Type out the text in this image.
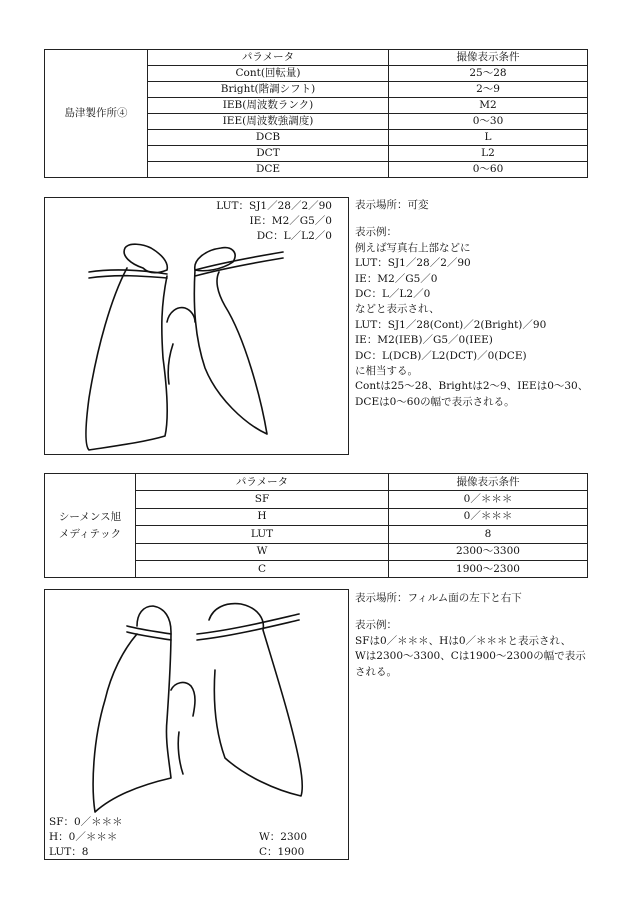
島津製作所④	パラメータ	撮像表示条件
	Cont(回転量)	25～28
	Bright(階調シフト)	2～9
	IEB(周波数ランク)	M2
	IEE(周波数強調度)	0～30
	DCB	L
	DCT	L2
	DCE	0～60
LUT：SJ1／28／2／90
IE：M2／G5／0
DC：L／L2／0
表示場所：可変
表示例：
例えば写真右上部などに
LUT：SJ1／28／2／90
IE：M2／G5／0
DC：L／L2／0
などと表示され、
LUT：SJ1／28(Cont)／2(Bright)／90
IE：M2(IEB)／G5／0(IEE)
DC：L(DCB)／L2(DCT)／0(DCE)
に相当する。
Contは25～28、Brightは2～9、IEEは0～30、
DCEは0～60の幅で表示される。
シーメンス旭
メディテック	パラメータ	撮像表示条件
	SF	0／＊＊＊
	H	0／＊＊＊
	LUT	8
	W	2300～3300
	C	1900～2300
SF：0／＊＊＊
H：0／＊＊＊
LUT：8
W：2300
C：1900
表示場所：フィルム面の左下と右下
表示例：
SFは0／＊＊＊、Hは0／＊＊＊と表示され、
Wは2300～3300、Cは1900～2300の幅で表示
される。
